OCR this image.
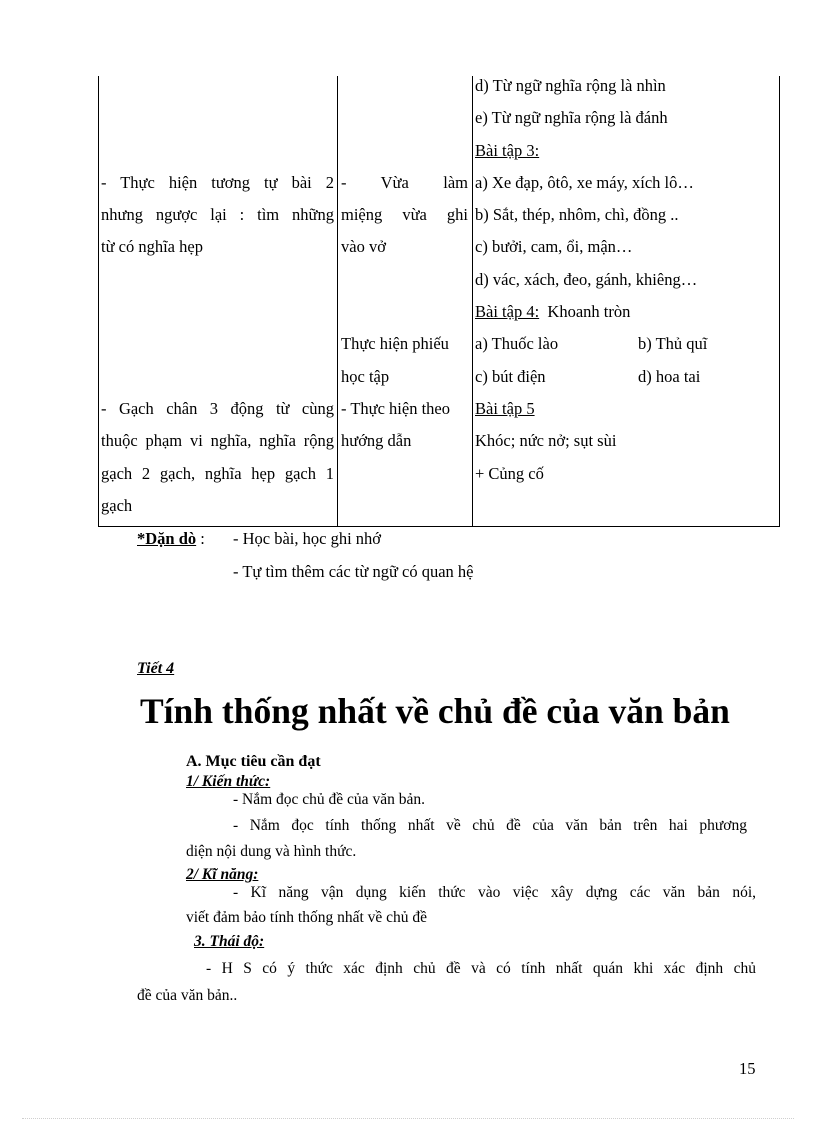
- Thực hiện tương tự bài 2
nhưng ngược lại : tìm những
từ có nghĩa hẹp
- Gạch chân 3 động từ cùng
thuộc phạm vi nghĩa, nghĩa rộng
gạch 2 gạch, nghĩa hẹp gạch 1
gạch
- Vừa làm
miệng vừa ghi
vào vở
Thực hiện phiếu
học tập
- Thực hiện theo
hướng dẫn
d) Từ ngữ nghĩa rộng là nhìn
e) Từ ngữ nghĩa rộng là đánh
Bài tập 3:
a) Xe đạp, ôtô, xe máy, xích lô…
b) Sắt, thép, nhôm, chì, đồng ..
c) bưởi, cam, ổi, mận…
d) vác, xách, đeo, gánh, khiêng…
Bài tập 4: Khoanh tròn
a) Thuốc lào	b) Thủ quĩ
c) bút điện	d) hoa tai
Bài tập 5
Khóc; nức nở; sụt sùi
+ Củng cố
*Dặn dò : - Học bài, học ghi nhớ
- Tự tìm thêm các từ ngữ có quan hệ
Tiết 4
Tính thống nhất về chủ đề của văn bản
A. Mục tiêu cần đạt
1/ Kiến thức:
- Nắm đọc chủ đề của văn bản.
- Nắm đọc tính thống nhất về chủ đề của văn bản trên hai phương
diện nội dung và hình thức.
2/ Kĩ năng:
- Kĩ năng vận dụng kiến thức vào việc xây dựng các văn bản nói,
viết đảm bảo tính thống nhất về chủ đề
3. Thái độ:
- H S có ý thức xác định chủ đề và có tính nhất quán khi xác định chủ
đề của văn bản..
15
